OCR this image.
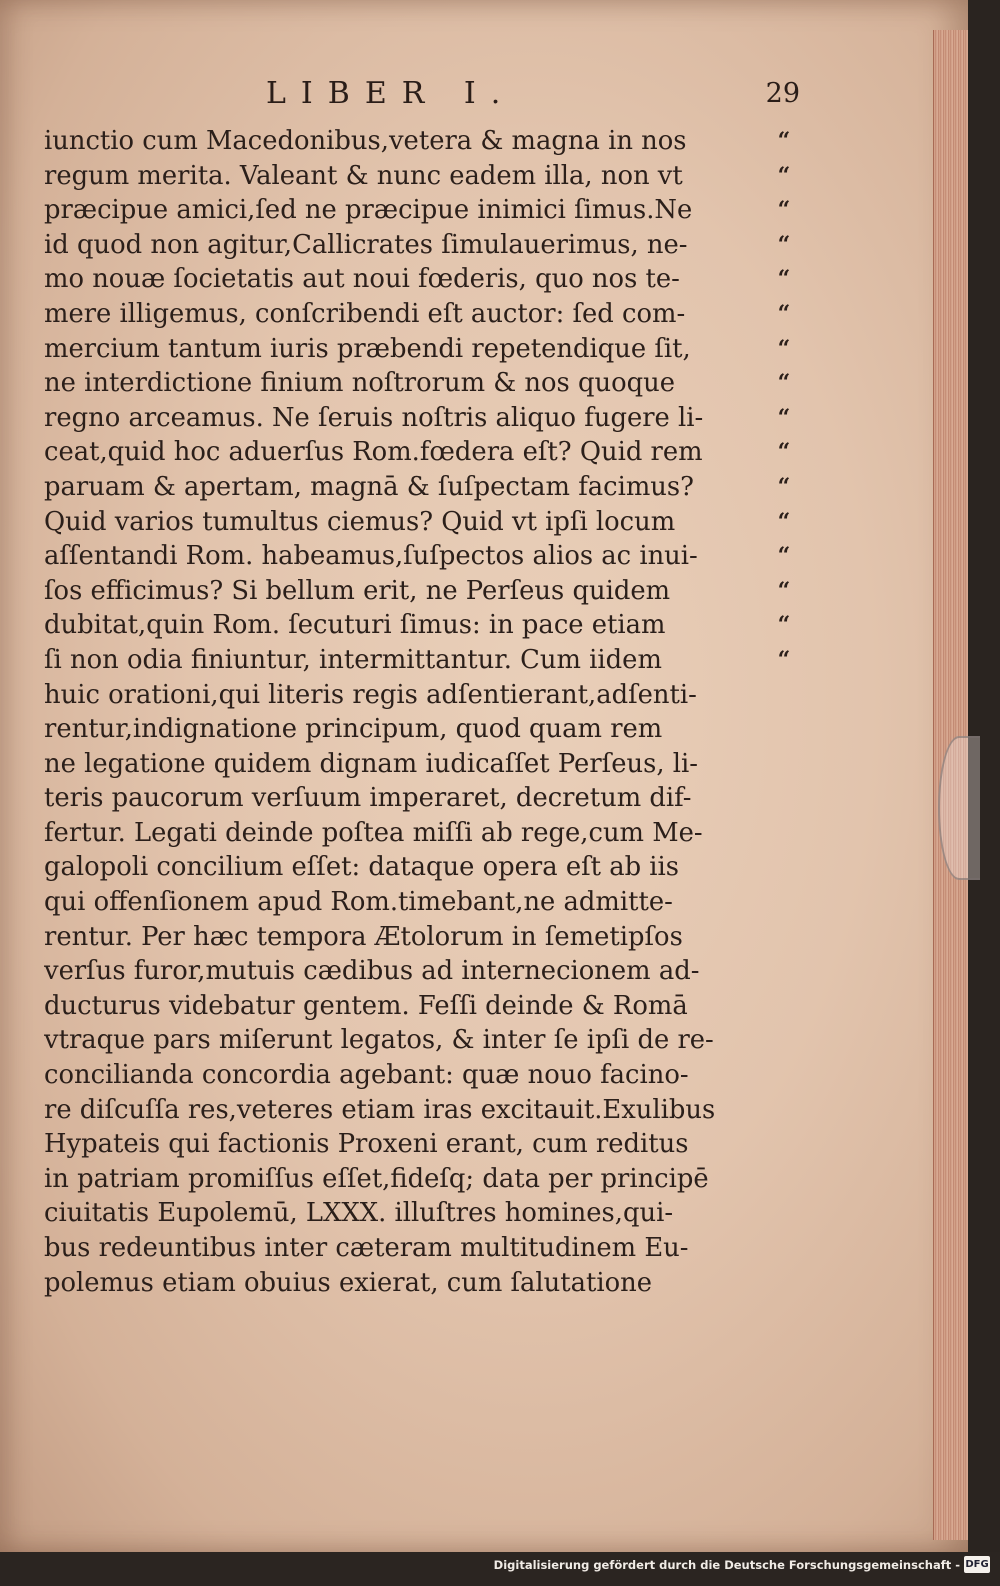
LIBER I.	29
iunctio cum Macedonibus,vetera & magna in nos
regum merita. Valeant & nunc eadem illa, non vt
præcipue amici,ſed ne præcipue inimici ſimus.Ne
id quod non agitur,Callicrates ſimulauerimus, ne-
mo nouæ ſocietatis aut noui fœderis, quo nos te-
mere illigemus, conſcribendi eſt auctor: ſed com-
mercium tantum iuris præbendi repetendique ſit,
ne interdictione finium noſtrorum & nos quoque
regno arceamus. Ne ſeruis noſtris aliquo fugere li-
ceat,quid hoc aduerſus Rom.fœdera eſt? Quid rem
paruam & apertam, magnā & ſuſpectam facimus?
Quid varios tumultus ciemus? Quid vt ipſi locum
aſſentandi Rom. habeamus,ſuſpectos alios ac inui-
ſos efficimus? Si bellum erit, ne Perſeus quidem
dubitat,quin Rom. ſecuturi ſimus: in pace etiam
ſi non odia finiuntur, intermittantur. Cum iidem
huic orationi,qui literis regis adſentierant,adſenti-
rentur,indignatione principum, quod quam rem
ne legatione quidem dignam iudicaſſet Perſeus, li-
teris paucorum verſuum imperaret, decretum dif-
fertur. Legati deinde poſtea miſſi ab rege,cum Me-
galopoli concilium eſſet: dataque opera eſt ab iis
qui offenſionem apud Rom.timebant,ne admitte-
rentur. Per hæc tempora Ætolorum in ſemetipſos
verſus furor,mutuis cædibus ad internecionem ad-
ducturus videbatur gentem. Feſſi deinde & Romā
vtraque pars miſerunt legatos, & inter ſe ipſi de re-
concilianda concordia agebant: quæ nouo facino-
re diſcuſſa res,veteres etiam iras excitauit.Exulibus
Hypateis qui factionis Proxeni erant, cum reditus
in patriam promiſſus eſſet,fideſq; data per principē
ciuitatis Eupolemū, LXXX. illuſtres homines,qui-
bus redeuntibus inter cæteram multitudinem Eu-
polemus etiam obuius exierat, cum ſalutatione
“
“
“
“
“
“
“
“
“
“
“
“
“
“
“
“
Digitalisierung gefördert durch die Deutsche Forschungsgemeinschaft - DFG
